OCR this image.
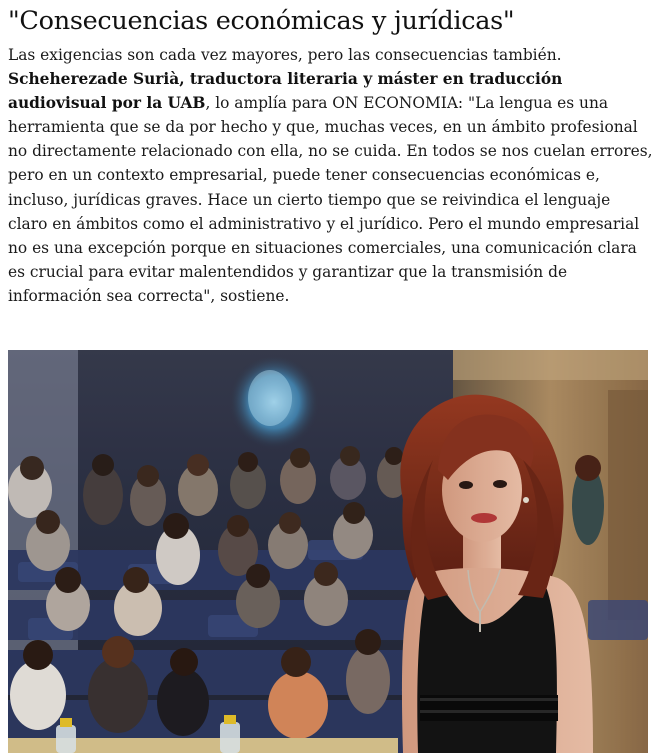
"Consecuencias económicas y jurídicas"

Las exigencias son cada vez mayores, pero las consecuencias también. Scheherezade Surià, traductora literaria y máster en traducción audiovisual por la UAB, lo amplía para ON ECONOMIA: "La lengua es una herramienta que se da por hecho y que, muchas veces, en un ámbito profesional no directamente relacionado con ella, no se cuida. En todos se nos cuelan errores, pero en un contexto empresarial, puede tener consecuencias económicas e, incluso, jurídicas graves. Hace un cierto tiempo que se reivindica el lenguaje claro en ámbitos como el administrativo y el jurídico. Pero el mundo empresarial no es una excepción porque en situaciones comerciales, una comunicación clara es crucial para evitar malentendidos y garantizar que la transmisión de información sea correcta", sostiene.
